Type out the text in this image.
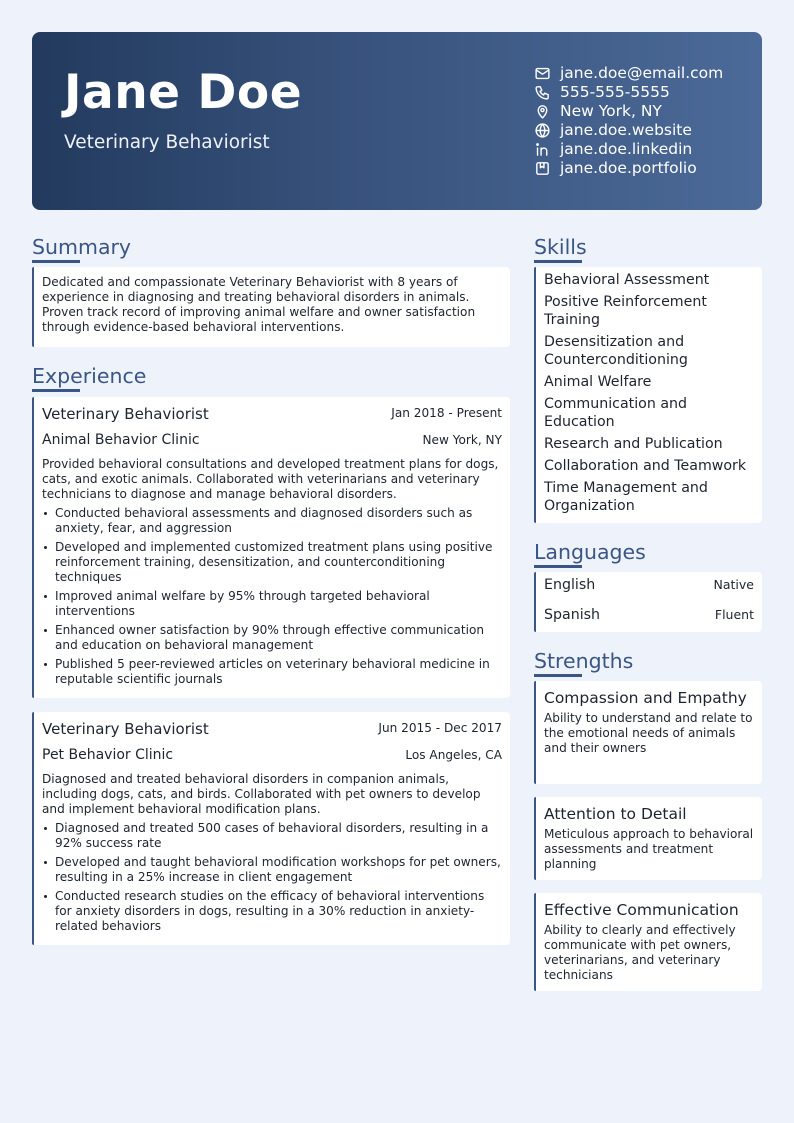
Jane Doe
Veterinary Behaviorist
jane.doe@email.com
555-555-5555
New York, NY
jane.doe.website
jane.doe.linkedin
jane.doe.portfolio
Summary
Dedicated and compassionate Veterinary Behaviorist with 8 years of experience in diagnosing and treating behavioral disorders in animals. Proven track record of improving animal welfare and owner satisfaction through evidence-based behavioral interventions.
Experience
Veterinary Behaviorist	Jan 2018 - Present
Animal Behavior Clinic	New York, NY
Provided behavioral consultations and developed treatment plans for dogs, cats, and exotic animals. Collaborated with veterinarians and veterinary technicians to diagnose and manage behavioral disorders.
Conducted behavioral assessments and diagnosed disorders such as anxiety, fear, and aggression
Developed and implemented customized treatment plans using positive reinforcement training, desensitization, and counterconditioning techniques
Improved animal welfare by 95% through targeted behavioral interventions
Enhanced owner satisfaction by 90% through effective communication and education on behavioral management
Published 5 peer-reviewed articles on veterinary behavioral medicine in reputable scientific journals
Veterinary Behaviorist	Jun 2015 - Dec 2017
Pet Behavior Clinic	Los Angeles, CA
Diagnosed and treated behavioral disorders in companion animals, including dogs, cats, and birds. Collaborated with pet owners to develop and implement behavioral modification plans.
Diagnosed and treated 500 cases of behavioral disorders, resulting in a 92% success rate
Developed and taught behavioral modification workshops for pet owners, resulting in a 25% increase in client engagement
Conducted research studies on the efficacy of behavioral interventions for anxiety disorders in dogs, resulting in a 30% reduction in anxiety-related behaviors
Skills
Behavioral Assessment
Positive Reinforcement Training
Desensitization and Counterconditioning
Animal Welfare
Communication and Education
Research and Publication
Collaboration and Teamwork
Time Management and Organization
Languages
English	Native
Spanish	Fluent
Strengths
Compassion and Empathy
Ability to understand and relate to the emotional needs of animals and their owners
Attention to Detail
Meticulous approach to behavioral assessments and treatment planning
Effective Communication
Ability to clearly and effectively communicate with pet owners, veterinarians, and veterinary technicians
